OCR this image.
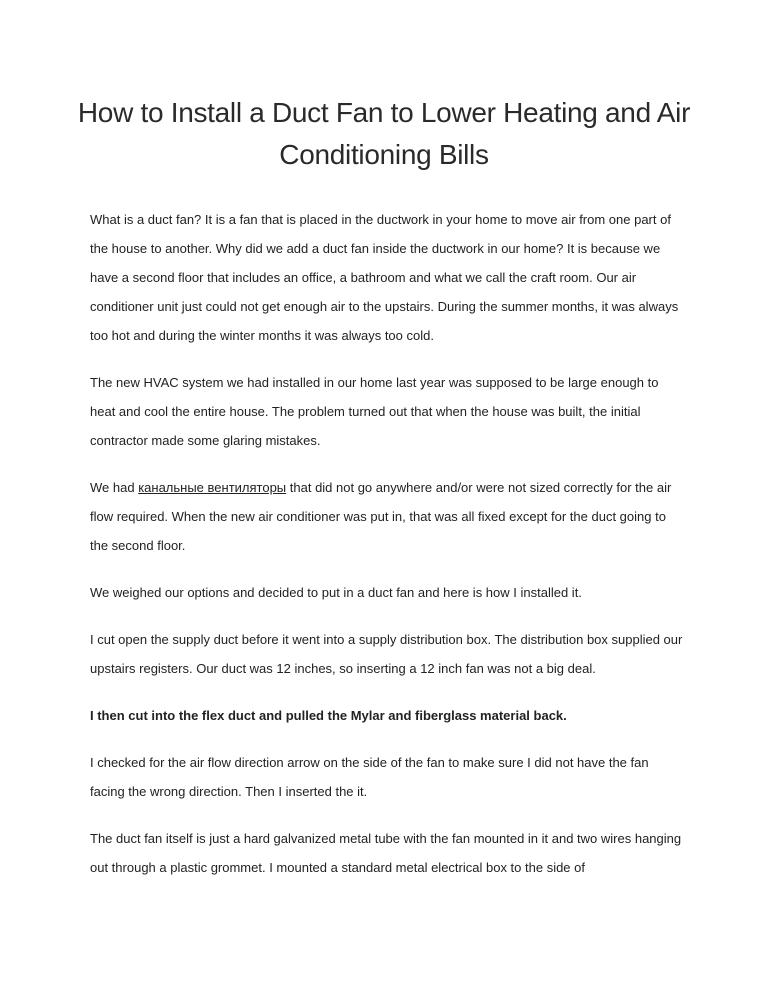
How to Install a Duct Fan to Lower Heating and Air Conditioning Bills

What is a duct fan? It is a fan that is placed in the ductwork in your home to move air from one part of the house to another. Why did we add a duct fan inside the ductwork in our home? It is because we have a second floor that includes an office, a bathroom and what we call the craft room. Our air conditioner unit just could not get enough air to the upstairs. During the summer months, it was always too hot and during the winter months it was always too cold.

The new HVAC system we had installed in our home last year was supposed to be large enough to heat and cool the entire house. The problem turned out that when the house was built, the initial contractor made some glaring mistakes.

We had канальные вентиляторы that did not go anywhere and/or were not sized correctly for the air flow required. When the new air conditioner was put in, that was all fixed except for the duct going to the second floor.

We weighed our options and decided to put in a duct fan and here is how I installed it.

I cut open the supply duct before it went into a supply distribution box. The distribution box supplied our upstairs registers. Our duct was 12 inches, so inserting a 12 inch fan was not a big deal.

I then cut into the flex duct and pulled the Mylar and fiberglass material back.

I checked for the air flow direction arrow on the side of the fan to make sure I did not have the fan facing the wrong direction. Then I inserted the it.

The duct fan itself is just a hard galvanized metal tube with the fan mounted in it and two wires hanging out through a plastic grommet. I mounted a standard metal electrical box to the side of
